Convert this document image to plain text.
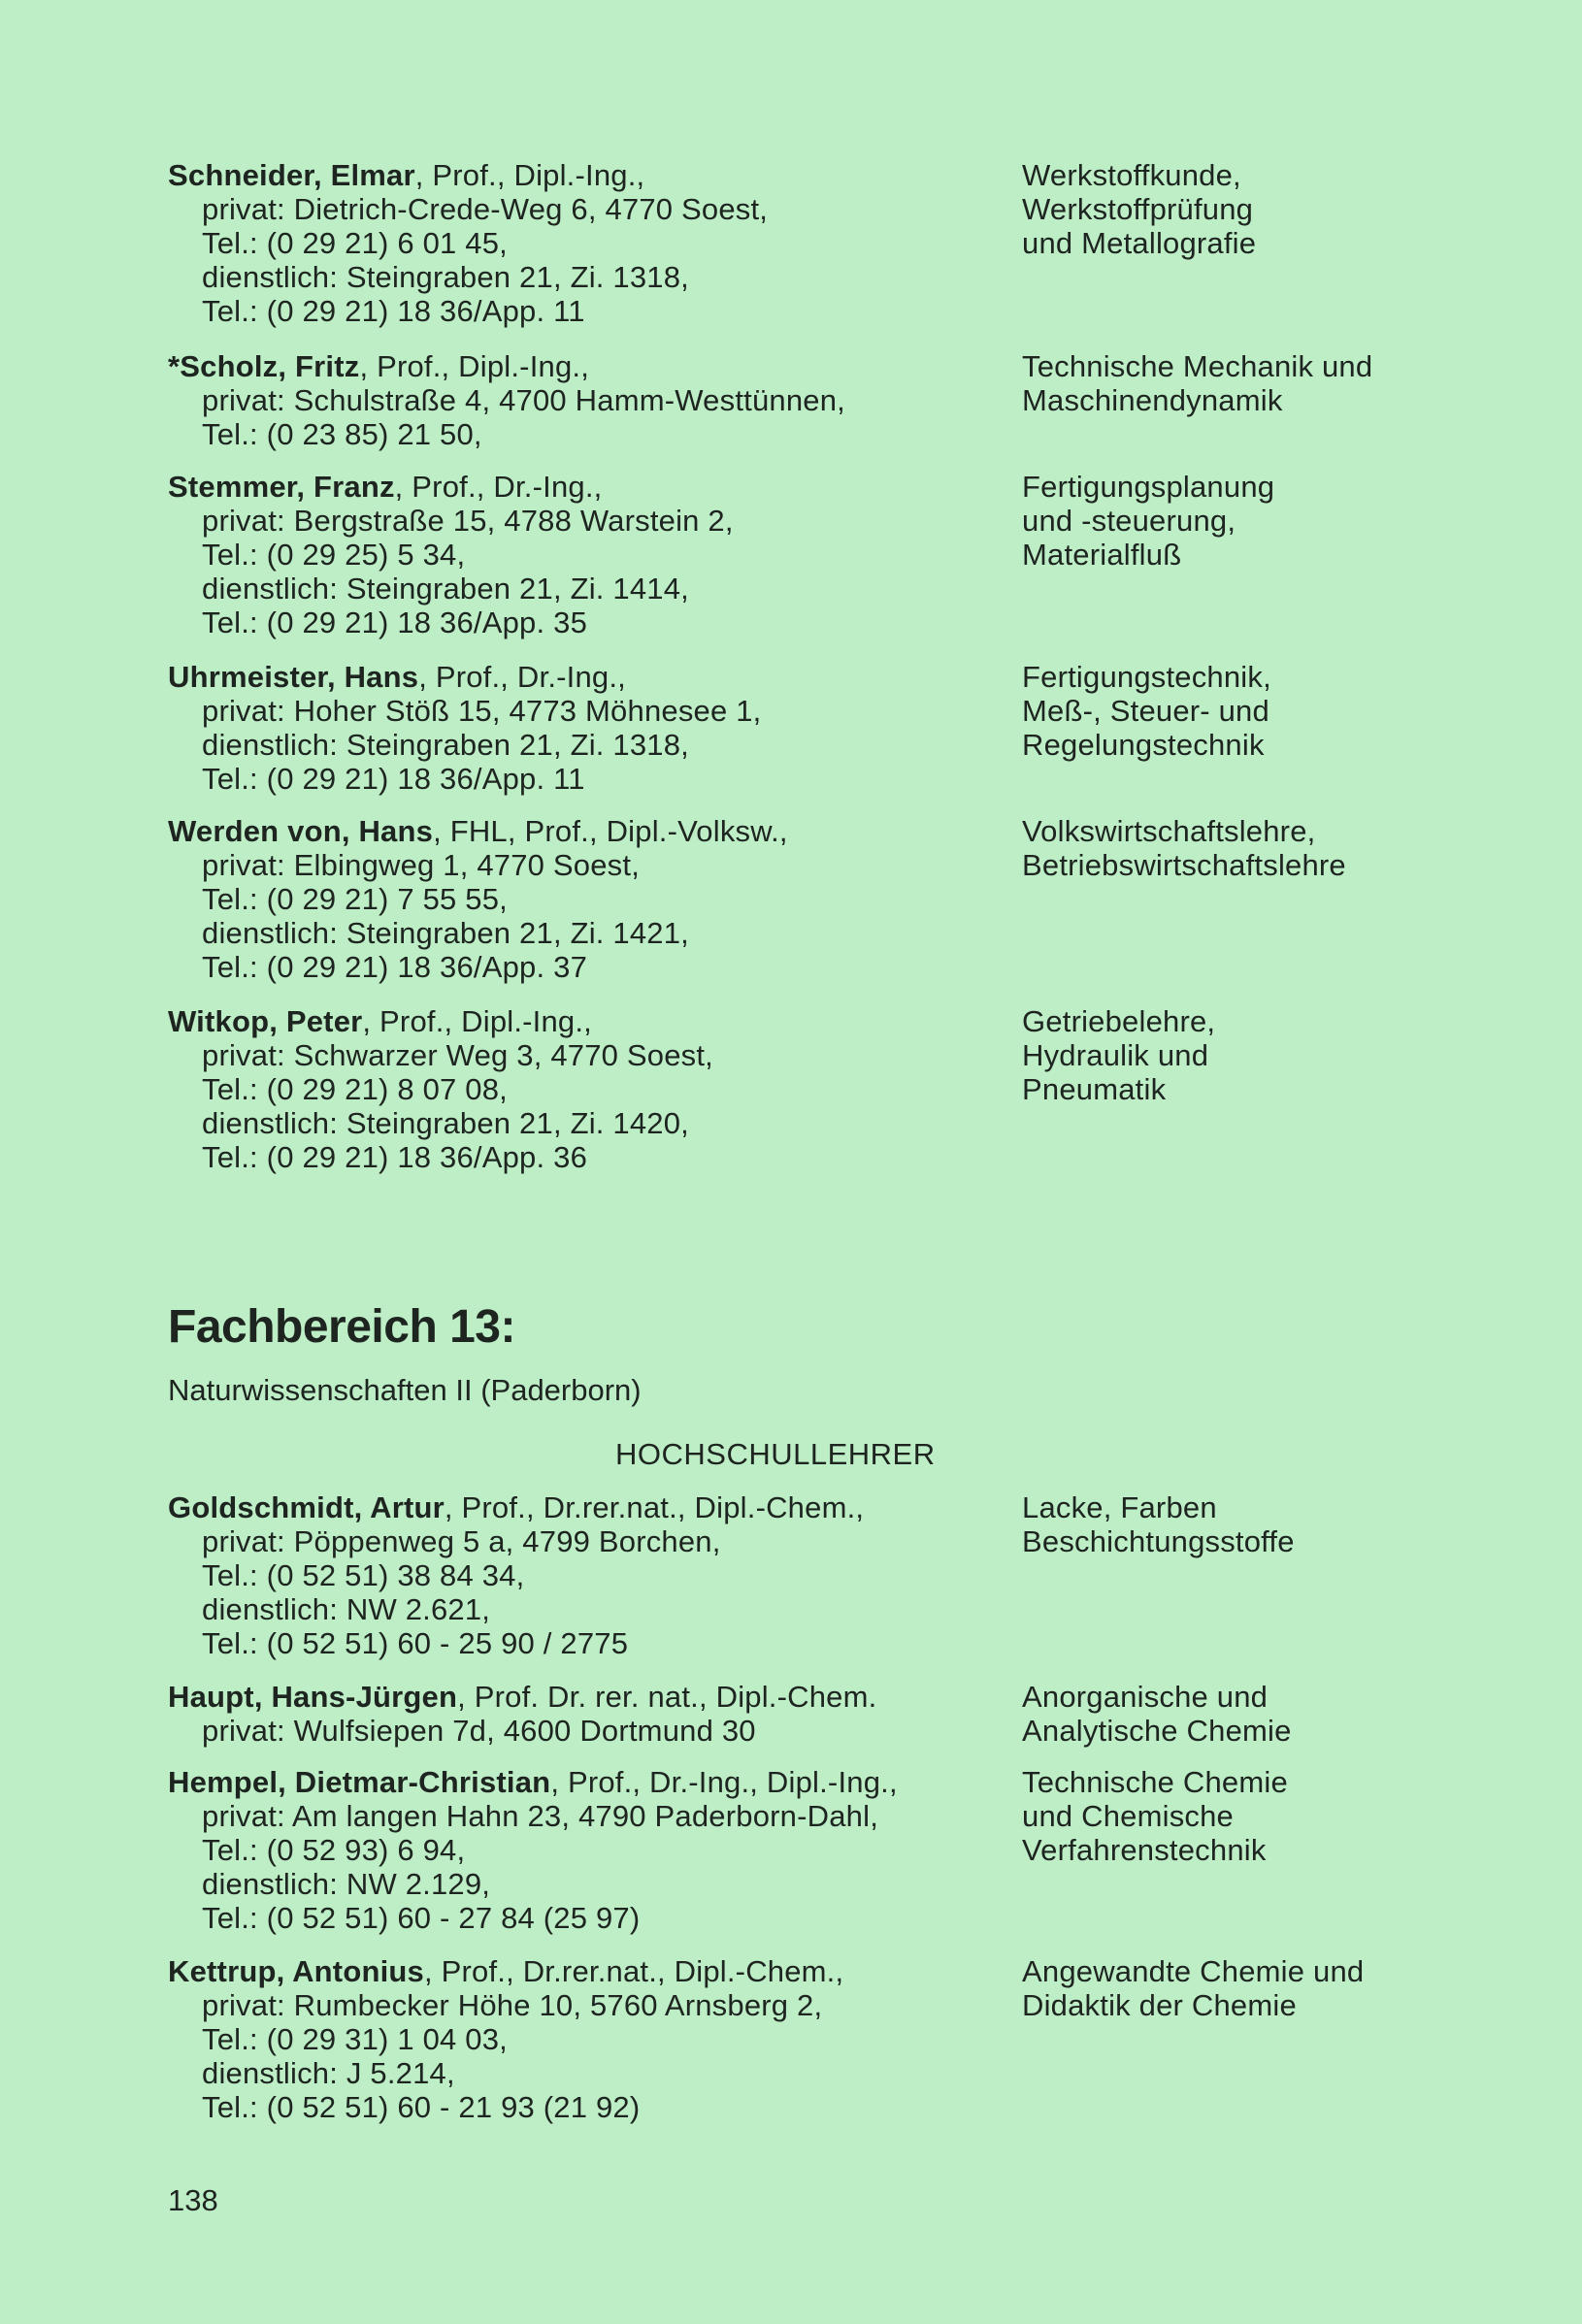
Schneider, Elmar, Prof., Dipl.-Ing.,
privat: Dietrich-Crede-Weg 6, 4770 Soest,
Tel.: (0 29 21) 6 01 45,
dienstlich: Steingraben 21, Zi. 1318,
Tel.: (0 29 21) 18 36/App. 11
Werkstoffkunde,
Werkstoffprüfung
und Metallografie
*Scholz, Fritz, Prof., Dipl.-Ing.,
privat: Schulstraße 4, 4700 Hamm-Westtünnen,
Tel.: (0 23 85) 21 50,
Technische Mechanik und
Maschinendynamik
Stemmer, Franz, Prof., Dr.-Ing.,
privat: Bergstraße 15, 4788 Warstein 2,
Tel.: (0 29 25) 5 34,
dienstlich: Steingraben 21, Zi. 1414,
Tel.: (0 29 21) 18 36/App. 35
Fertigungsplanung
und -steuerung,
Materialfluß
Uhrmeister, Hans, Prof., Dr.-Ing.,
privat: Hoher Stöß 15, 4773 Möhnesee 1,
dienstlich: Steingraben 21, Zi. 1318,
Tel.: (0 29 21) 18 36/App. 11
Fertigungstechnik,
Meß-, Steuer- und
Regelungstechnik
Werden von, Hans, FHL, Prof., Dipl.-Volksw.,
privat: Elbingweg 1, 4770 Soest,
Tel.: (0 29 21) 7 55 55,
dienstlich: Steingraben 21, Zi. 1421,
Tel.: (0 29 21) 18 36/App. 37
Volkswirtschaftslehre,
Betriebswirtschaftslehre
Witkop, Peter, Prof., Dipl.-Ing.,
privat: Schwarzer Weg 3, 4770 Soest,
Tel.: (0 29 21) 8 07 08,
dienstlich: Steingraben 21, Zi. 1420,
Tel.: (0 29 21) 18 36/App. 36
Getriebelehre,
Hydraulik und
Pneumatik
Fachbereich 13:
Naturwissenschaften II (Paderborn)
HOCHSCHULLEHRER
Goldschmidt, Artur, Prof., Dr.rer.nat., Dipl.-Chem.,
privat: Pöppenweg 5 a, 4799 Borchen,
Tel.: (0 52 51) 38 84 34,
dienstlich: NW 2.621,
Tel.: (0 52 51) 60 - 25 90 / 2775
Lacke, Farben
Beschichtungsstoffe
Haupt, Hans-Jürgen, Prof. Dr. rer. nat., Dipl.-Chem.
privat: Wulfsiepen 7d, 4600 Dortmund 30
Anorganische und
Analytische Chemie
Hempel, Dietmar-Christian, Prof., Dr.-Ing., Dipl.-Ing.,
privat: Am langen Hahn 23, 4790 Paderborn-Dahl,
Tel.: (0 52 93) 6 94,
dienstlich: NW 2.129,
Tel.: (0 52 51) 60 - 27 84 (25 97)
Technische Chemie
und Chemische
Verfahrenstechnik
Kettrup, Antonius, Prof., Dr.rer.nat., Dipl.-Chem.,
privat: Rumbecker Höhe 10, 5760 Arnsberg 2,
Tel.: (0 29 31) 1 04 03,
dienstlich: J 5.214,
Tel.: (0 52 51) 60 - 21 93 (21 92)
Angewandte Chemie und
Didaktik der Chemie
138
